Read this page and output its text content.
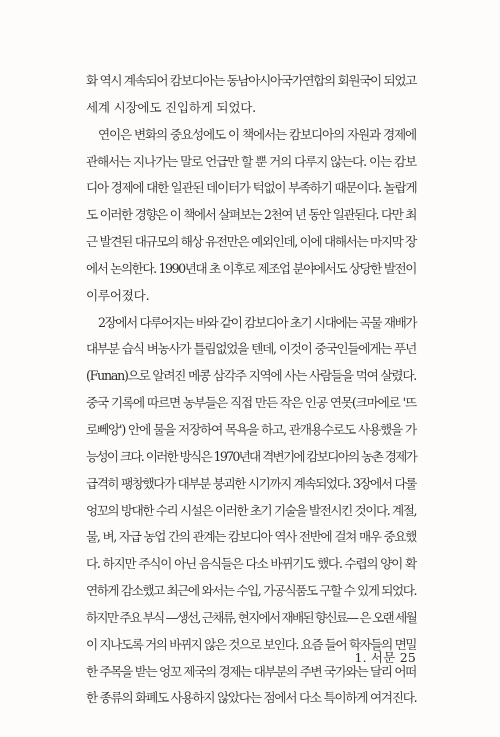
화 역시 계속되어 캄보디아는 동남아시아국가연합의 회원국이 되었고
세계 시장에도 진입하게 되었다.
연이은 변화의 중요성에도 이 책에서는 캄보디아의 자원과 경제에
관해서는 지나가는 말로 언급만 할 뿐 거의 다루지 않는다. 이는 캄보
디아 경제에 대한 일관된 데이터가 턱없이 부족하기 때문이다. 놀랍게
도 이러한 경향은 이 책에서 살펴보는 2천여 년 동안 일관된다. 다만 최
근 발견된 대규모의 해상 유전만은 예외인데, 이에 대해서는 마지막 장
에서 논의한다. 1990년대 초 이후로 제조업 분야에서도 상당한 발전이
이루어졌다.
2장에서 다루어지는 바와 같이 캄보디아 초기 시대에는 곡물 재배가
대부분 습식 벼농사가 틀림없었을 텐데, 이것이 중국인들에게는 푸넌
(Funan)으로 알려진 메콩 삼각주 지역에 사는 사람들을 먹여 살렸다.
중국 기록에 따르면 농부들은 직접 만든 작은 인공 연못(크마에로 '뜨
로뻬앙') 안에 물을 저장하여 목욕을 하고, 관개용수로도 사용했을 가
능성이 크다. 이러한 방식은 1970년대 격변기에 캄보디아의 농촌 경제가
급격히 팽창했다가 대부분 붕괴한 시기까지 계속되었다. 3장에서 다룰
엉꼬의 방대한 수리 시설은 이러한 초기 기술을 발전시킨 것이다. 계절,
물, 벼, 자급 농업 간의 관계는 캄보디아 역사 전반에 걸쳐 매우 중요했
다. 하지만 주식이 아닌 음식들은 다소 바뀌기도 했다. 수렵의 양이 확
연하게 감소했고 최근에 와서는 수입, 가공식품도 구할 수 있게 되었다.
하지만 주요 부식 —생선, 근채류, 현지에서 재배된 향신료— 은 오랜 세월
이 지나도록 거의 바뀌지 않은 것으로 보인다. 요즘 들어 학자들의 면밀
한 주목을 받는 엉꼬 제국의 경제는 대부분의 주변 국가와는 달리 어떠
한 종류의 화폐도 사용하지 않았다는 점에서 다소 특이하게 여겨진다.
1. 서문 25
